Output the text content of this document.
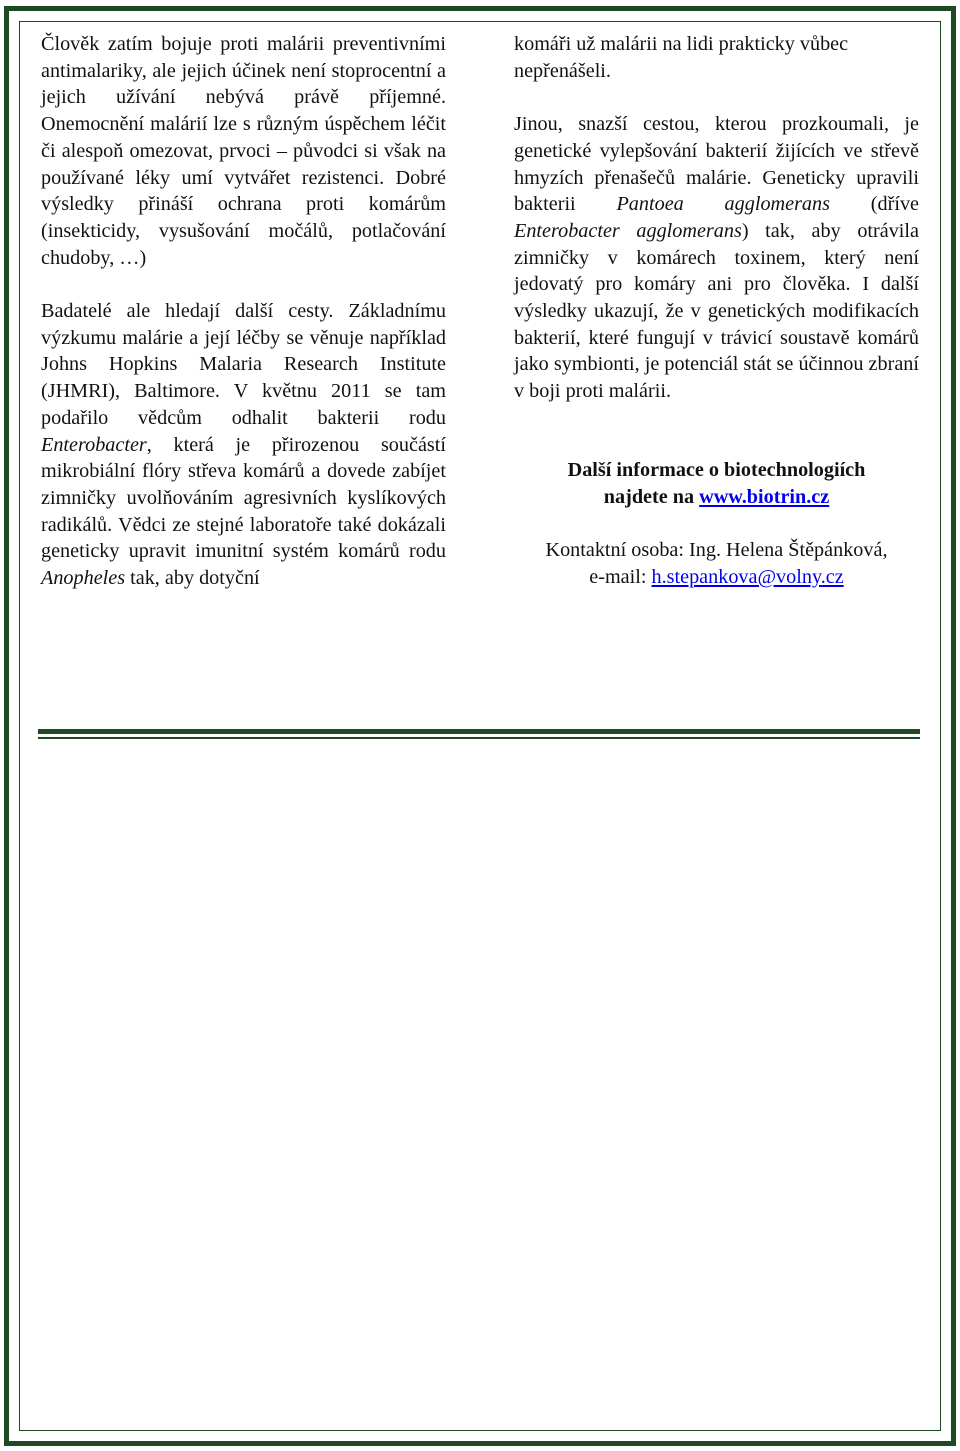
Člověk zatím bojuje proti malárii preventivními antimalariky, ale jejich účinek není stoprocentní a jejich užívání nebývá právě příjemné. Onemocnění malárií lze s různým úspěchem léčit či alespoň omezovat, prvoci – původci si však na používané léky umí vytvářet rezistenci. Dobré výsledky přináší ochrana proti komárům (insekticidy, vysušování močálů, potlačování chudoby, …)

Badatelé ale hledají další cesty. Základnímu výzkumu malárie a její léčby se věnuje například Johns Hopkins Malaria Research Institute (JHMRI), Baltimore. V květnu 2011 se tam podařilo vědcům odhalit bakterii rodu Enterobacter, která je přirozenou součástí mikrobiální flóry střeva komárů a dovede zabíjet zimničky uvolňováním agresivních kyslíkových radikálů. Vědci ze stejné laboratoře také dokázali geneticky upravit imunitní systém komárů rodu Anopheles tak, aby dotyční

komáři už malárii na lidi prakticky vůbec nepřenášeli.

Jinou, snazší cestou, kterou prozkoumali, je genetické vylepšování bakterií žijících ve střevě hmyzích přenašečů malárie. Geneticky upravili bakterii Pantoea agglomerans (dříve Enterobacter agglomerans) tak, aby otrávila zimničky v komárech toxinem, který není jedovatý pro komáry ani pro člověka. I další výsledky ukazují, že v genetických modifikacích bakterií, které fungují v trávicí soustavě komárů jako symbionti, je potenciál stát se účinnou zbraní v boji proti malárii.

Další informace o biotechnologiích
najdete na www.biotrin.cz

Kontaktní osoba: Ing. Helena Štěpánková,
e-mail: h.stepankova@volny.cz
